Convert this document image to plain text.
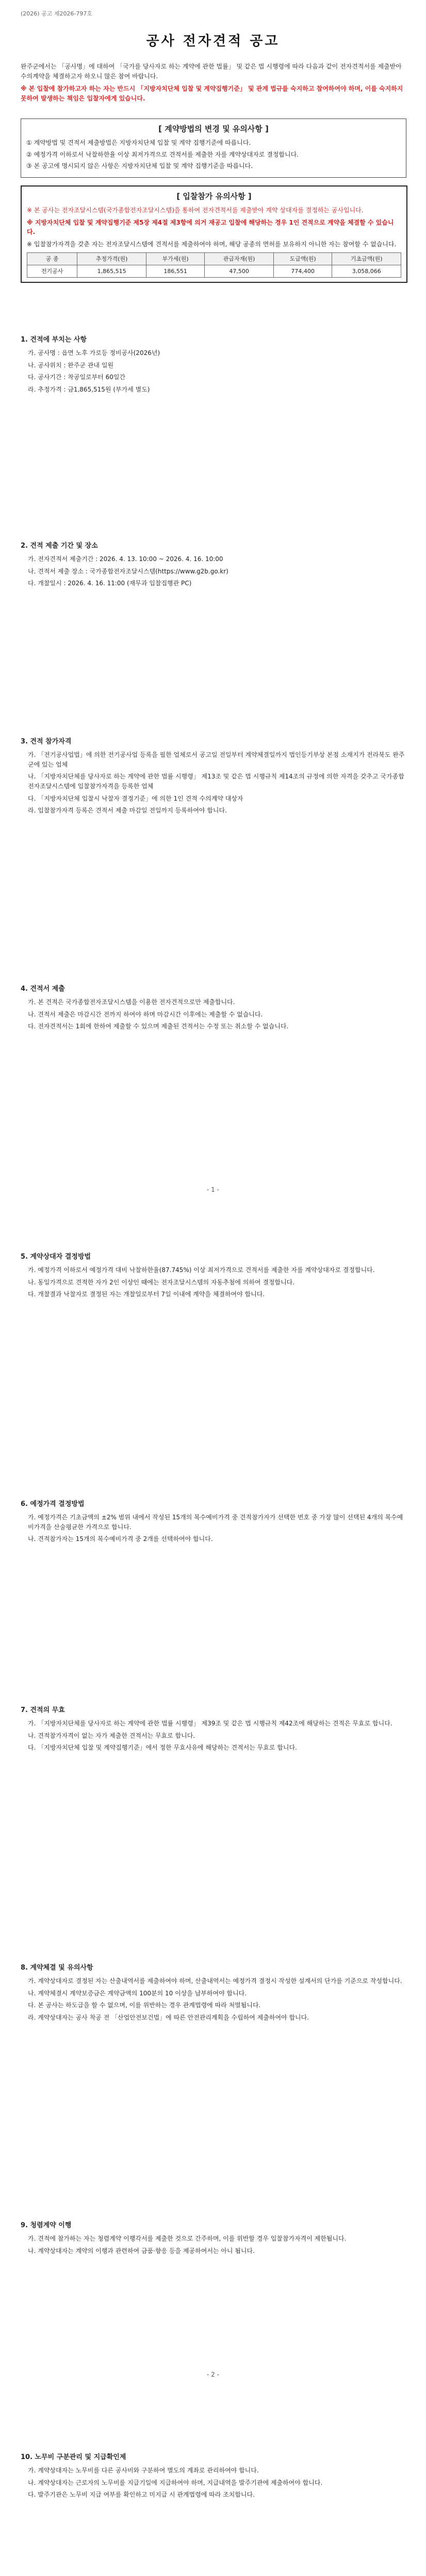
(2026) 공고 제2026-797호
공사 전자견적 공고

완주군에서는 「공사명」에 대하여 「국가를 당사자로 하는 계약에 관한 법률」 및 같은 법 시행령에 따라 다음과 같이 전자견적서를 제출받아 수의계약을 체결하고자 하오니 많은 참여 바랍니다.

※ 본 입찰에 참가하고자 하는 자는 반드시 「지방자치단체 입찰 및 계약집행기준」 및 관계 법규를 숙지하고 참여하여야 하며, 이를 숙지하지 못하여 발생하는 책임은 입찰자에게 있습니다.

[ 계약방법의 변경 및 유의사항 ]

① 계약방법 및 견적서 제출방법은 지방자치단체 입찰 및 계약 집행기준에 따릅니다.

② 예정가격 이하로서 낙찰하한율 이상 최저가격으로 견적서를 제출한 자를 계약상대자로 결정합니다.

③ 본 공고에 명시되지 않은 사항은 지방자치단체 입찰 및 계약 집행기준을 따릅니다.

[ 입찰참가 유의사항 ]

※ 본 공사는 전자조달시스템(국가종합전자조달시스템)을 통하여 전자견적서를 제출받아 계약 상대자를 결정하는 공사입니다.

※ 지방자치단체 입찰 및 계약집행기준 제5장 제4절 제3항에 의거 재공고 입찰에 해당하는 경우 1인 견적으로 계약을 체결할 수 있습니다.

※ 입찰참가자격을 갖춘 자는 전자조달시스템에 견적서를 제출하여야 하며, 해당 공종의 면허를 보유하지 아니한 자는 참여할 수 없습니다.

공 종	추정가격(원)	부가세(원)	관급자재(원)	도급액(원)	기초금액(원)
전기공사	1,865,515	186,551	47,500	774,400	3,058,066
1. 견적에 부치는 사항

가. 공사명 : 읍면 노후 가로등 정비공사(2026년)

나. 공사위치 : 완주군 관내 일원

다. 공사기간 : 착공일로부터 60일간

라. 추정가격 : 금1,865,515원 (부가세 별도)

2. 견적 제출 기간 및 장소

가. 전자견적서 제출기간 : 2026. 4. 13. 10:00 ~ 2026. 4. 16. 10:00

나. 견적서 제출 장소 : 국가종합전자조달시스템(https://www.g2b.go.kr)

다. 개찰일시 : 2026. 4. 16. 11:00 (재무과 입찰집행관 PC)

3. 견적 참가자격

가. 「전기공사업법」에 의한 전기공사업 등록을 필한 업체로서 공고일 전일부터 계약체결일까지 법인등기부상 본점 소재지가 전라북도 완주군에 있는 업체

나. 「지방자치단체를 당사자로 하는 계약에 관한 법률 시행령」 제13조 및 같은 법 시행규칙 제14조의 규정에 의한 자격을 갖추고 국가종합전자조달시스템에 입찰참가자격을 등록한 업체

다. 「지방자치단체 입찰시 낙찰자 결정기준」에 의한 1인 견적 수의계약 대상자

라. 입찰참가자격 등록은 견적서 제출 마감일 전일까지 등록하여야 합니다.

4. 견적서 제출

가. 본 견적은 국가종합전자조달시스템을 이용한 전자견적으로만 제출합니다.

나. 견적서 제출은 마감시간 전까지 하여야 하며 마감시간 이후에는 제출할 수 없습니다.

다. 전자견적서는 1회에 한하여 제출할 수 있으며 제출된 견적서는 수정 또는 취소할 수 없습니다.

5. 계약상대자 결정방법

가. 예정가격 이하로서 예정가격 대비 낙찰하한율(87.745%) 이상 최저가격으로 견적서를 제출한 자를 계약상대자로 결정합니다.

나. 동일가격으로 견적한 자가 2인 이상인 때에는 전자조달시스템의 자동추첨에 의하여 결정합니다.

다. 개찰결과 낙찰자로 결정된 자는 개찰일로부터 7일 이내에 계약을 체결하여야 합니다.

6. 예정가격 결정방법

가. 예정가격은 기초금액의 ±2% 범위 내에서 작성된 15개의 복수예비가격 중 견적참가자가 선택한 번호 중 가장 많이 선택된 4개의 복수예비가격을 산술평균한 가격으로 합니다.

나. 견적참가자는 15개의 복수예비가격 중 2개를 선택하여야 합니다.

7. 견적의 무효

가. 「지방자치단체를 당사자로 하는 계약에 관한 법률 시행령」 제39조 및 같은 법 시행규칙 제42조에 해당하는 견적은 무효로 합니다.

나. 견적참가자격이 없는 자가 제출한 견적서는 무효로 합니다.

다. 「지방자치단체 입찰 및 계약집행기준」에서 정한 무효사유에 해당하는 견적서는 무효로 합니다.

8. 계약체결 및 유의사항

가. 계약상대자로 결정된 자는 산출내역서를 제출하여야 하며, 산출내역서는 예정가격 결정시 작성한 설계서의 단가를 기준으로 작성합니다.

나. 계약체결시 계약보증금은 계약금액의 100분의 10 이상을 납부하여야 합니다.

다. 본 공사는 하도급을 할 수 없으며, 이를 위반하는 경우 관계법령에 따라 처벌됩니다.

라. 계약상대자는 공사 착공 전 「산업안전보건법」에 따른 안전관리계획을 수립하여 제출하여야 합니다.

9. 청렴계약 이행

가. 견적에 참가하는 자는 청렴계약 이행각서를 제출한 것으로 간주하며, 이를 위반할 경우 입찰참가자격이 제한됩니다.

나. 계약상대자는 계약의 이행과 관련하여 금품·향응 등을 제공하여서는 아니 됩니다.

10. 노무비 구분관리 및 지급확인제

가. 계약상대자는 노무비를 다른 공사비와 구분하여 별도의 계좌로 관리하여야 합니다.

나. 계약상대자는 근로자의 노무비를 지급기일에 지급하여야 하며, 지급내역을 발주기관에 제출하여야 합니다.

다. 발주기관은 노무비 지급 여부를 확인하고 미지급 시 관계법령에 따라 조치합니다.

- 1 -
- 2 -
